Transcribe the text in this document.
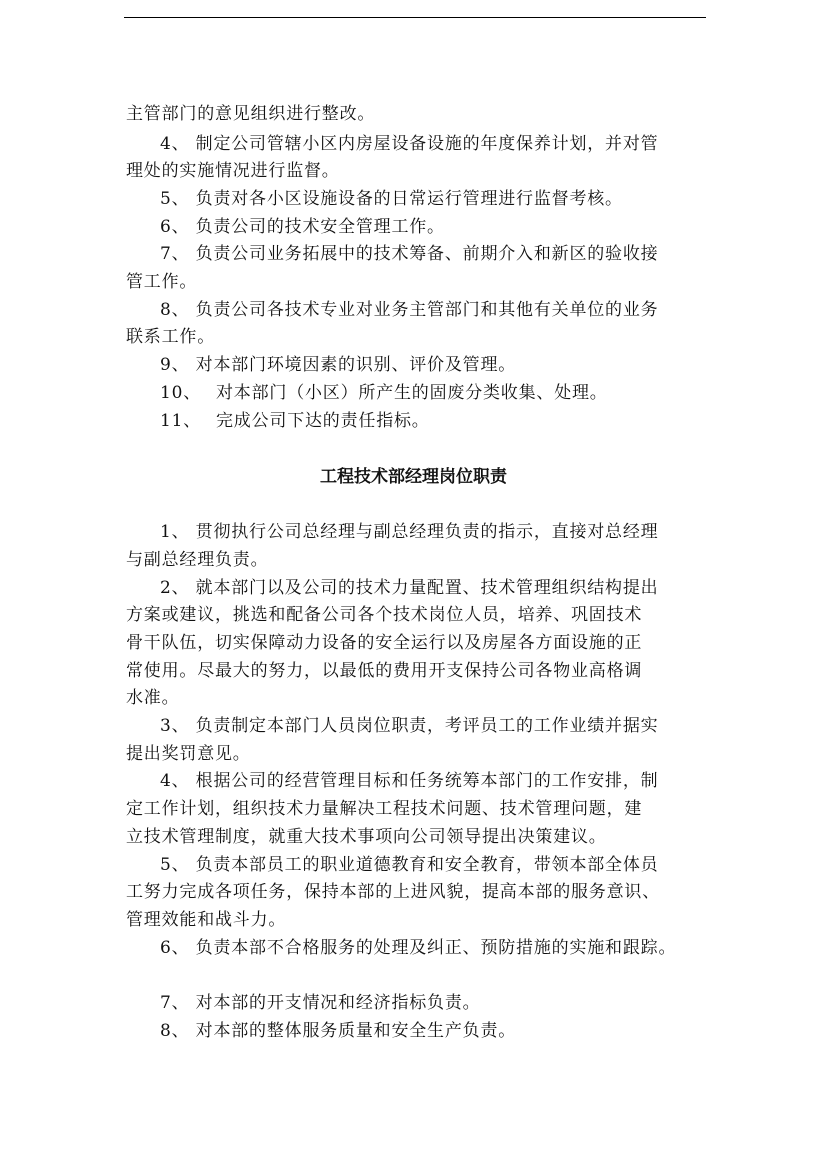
主管部门的意见组织进行整改。
4、 制定公司管辖小区内房屋设备设施的年度保养计划，并对管
理处的实施情况进行监督。
5、 负责对各小区设施设备的日常运行管理进行监督考核。
6、 负责公司的技术安全管理工作。
7、 负责公司业务拓展中的技术筹备、前期介入和新区的验收接
管工作。
8、 负责公司各技术专业对业务主管部门和其他有关单位的业务
联系工作。
9、 对本部门环境因素的识别、评价及管理。
10、 对本部门（小区）所产生的固废分类收集、处理。
11、 完成公司下达的责任指标。
工程技术部经理岗位职责
1、 贯彻执行公司总经理与副总经理负责的指示，直接对总经理
与副总经理负责。
2、 就本部门以及公司的技术力量配置、技术管理组织结构提出
方案或建议，挑选和配备公司各个技术岗位人员，培养、巩固技术
骨干队伍，切实保障动力设备的安全运行以及房屋各方面设施的正
常使用。尽最大的努力，以最低的费用开支保持公司各物业高格调
水准。
3、 负责制定本部门人员岗位职责，考评员工的工作业绩并据实
提出奖罚意见。
4、 根据公司的经营管理目标和任务统筹本部门的工作安排，制
定工作计划，组织技术力量解决工程技术问题、技术管理问题，建
立技术管理制度，就重大技术事项向公司领导提出决策建议。
5、 负责本部员工的职业道德教育和安全教育，带领本部全体员
工努力完成各项任务，保持本部的上进风貌，提高本部的服务意识、
管理效能和战斗力。
6、 负责本部不合格服务的处理及纠正、预防措施的实施和跟踪。
7、 对本部的开支情况和经济指标负责。
8、 对本部的整体服务质量和安全生产负责。
